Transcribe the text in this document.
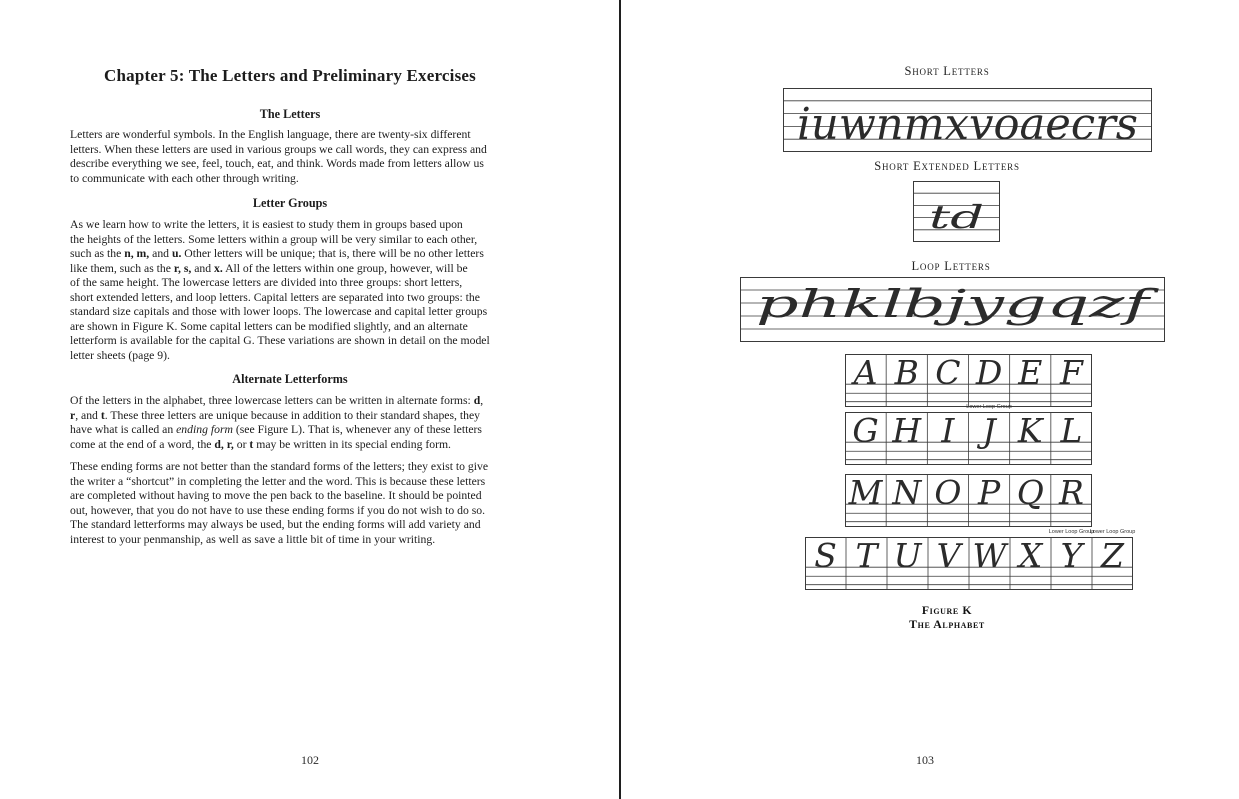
Chapter 5: The Letters and Preliminary Exercises
The Letters
Letters are wonderful symbols. In the English language, there are twenty-six different
letters. When these letters are used in various groups we call words, they can express and
describe everything we see, feel, touch, eat, and think. Words made from letters allow us
to communicate with each other through writing.
Letter Groups
As we learn how to write the letters, it is easiest to study them in groups based upon
the heights of the letters. Some letters within a group will be very similar to each other,
such as the n, m, and u. Other letters will be unique; that is, there will be no other letters
like them, such as the r, s, and x. All of the letters within one group, however, will be
of the same height. The lowercase letters are divided into three groups: short letters,
short extended letters, and loop letters. Capital letters are separated into two groups: the
standard size capitals and those with lower loops. The lowercase and capital letter groups
are shown in Figure K. Some capital letters can be modified slightly, and an alternate
letterform is available for the capital G. These variations are shown in detail on the model
letter sheets (page 9).
Alternate Letterforms
Of the letters in the alphabet, three lowercase letters can be written in alternate forms: d,
r, and t. These three letters are unique because in addition to their standard shapes, they
have what is called an ending form (see Figure L). That is, whenever any of these letters
come at the end of a word, the d, r, or t may be written in its special ending form.
These ending forms are not better than the standard forms of the letters; they exist to give
the writer a “shortcut” in completing the letter and the word. This is because these letters
are completed without having to move the pen back to the baseline. It should be pointed
out, however, that you do not have to use these ending forms if you do not wish to do so.
The standard letterforms may always be used, but the ending forms will add variety and
interest to your penmanship, as well as save a little bit of time in your writing.
102
Short Letters
iuwnmxvoaecrs
Short Extended Letters
td
Loop Letters
phklbjygqzf
A B C D E F
G H I J K L
M N O P Q R
S T U V W X Y Z
Figure K
The Alphabet
103
Lower Loop Group
Lower Loop Group
Lower Loop Group
